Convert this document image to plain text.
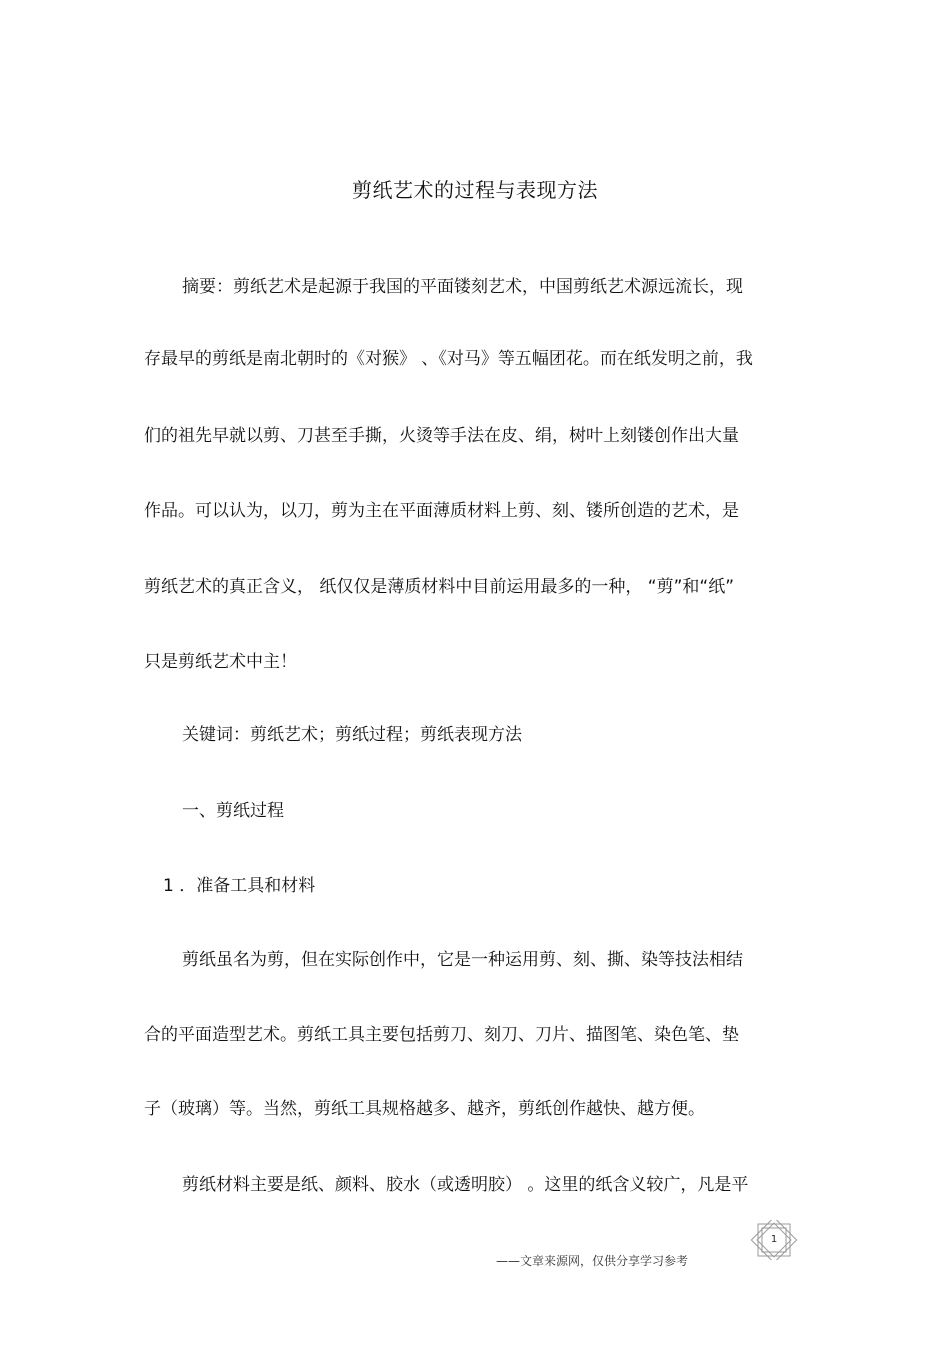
剪纸艺术的过程与表现方法
摘要：剪纸艺术是起源于我国的平面镂刻艺术，中国剪纸艺术源远流长，现
存最早的剪纸是南北朝时的《对猴》 、《对马》等五幅团花。而在纸发明之前，我
们的祖先早就以剪、刀甚至手撕，火烫等手法在皮、绢，树叶上刻镂创作出大量
作品。可以认为，以刀，剪为主在平面薄质材料上剪、刻、镂所创造的艺术，是
剪纸艺术的真正含义， 纸仅仅是薄质材料中目前运用最多的一种， “剪”和“纸”
只是剪纸艺术中主！
关键词：剪纸艺术；剪纸过程；剪纸表现方法
一、剪纸过程
1 ．准备工具和材料
剪纸虽名为剪，但在实际创作中，它是一种运用剪、刻、撕、染等技法相结
合的平面造型艺术。剪纸工具主要包括剪刀、刻刀、刀片、描图笔、染色笔、垫
子（玻璃）等。当然，剪纸工具规格越多、越齐，剪纸创作越快、越方便。
剪纸材料主要是纸、颜料、胶水（或透明胶） 。这里的纸含义较广，凡是平
——文章来源网，仅供分享学习参考
1
